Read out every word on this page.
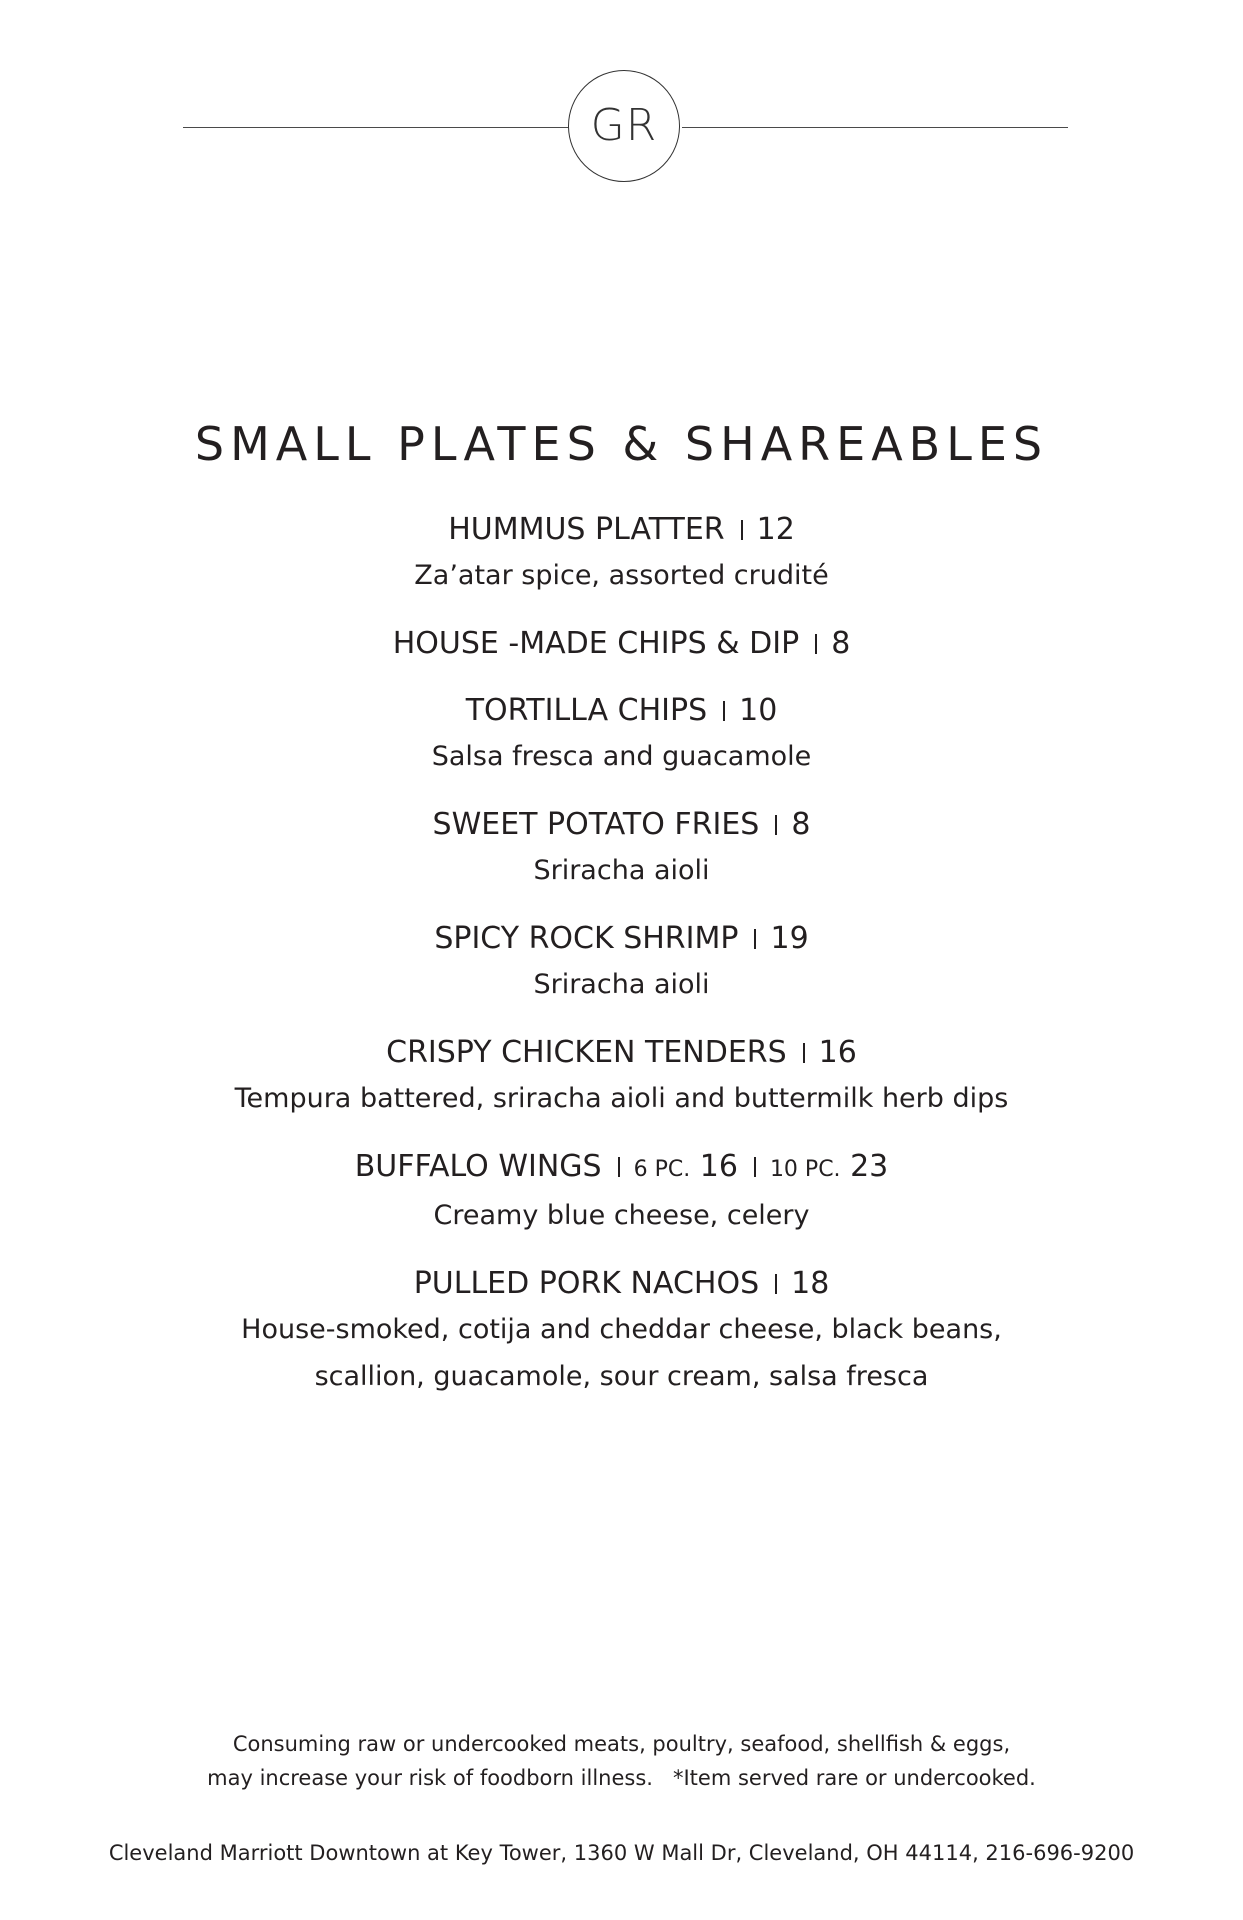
GR
SMALL PLATES & SHAREABLES
HUMMUS PLATTER 12
Za’atar spice, assorted crudité
HOUSE -MADE CHIPS & DIP 8
TORTILLA CHIPS 10
Salsa fresca and guacamole
SWEET POTATO FRIES 8
Sriracha aioli
SPICY ROCK SHRIMP 19
Sriracha aioli
CRISPY CHICKEN TENDERS 16
Tempura battered, sriracha aioli and buttermilk herb dips
BUFFALO WINGS 6 PC. 16 10 PC. 23
Creamy blue cheese, celery
PULLED PORK NACHOS 18
House-smoked, cotija and cheddar cheese, black beans,
scallion, guacamole, sour cream, salsa fresca
Consuming raw or undercooked meats, poultry, seafood, shellfish & eggs,
may increase your risk of foodborn illness.   *Item served rare or undercooked.
Cleveland Marriott Downtown at Key Tower, 1360 W Mall Dr, Cleveland, OH 44114, 216-696-9200
